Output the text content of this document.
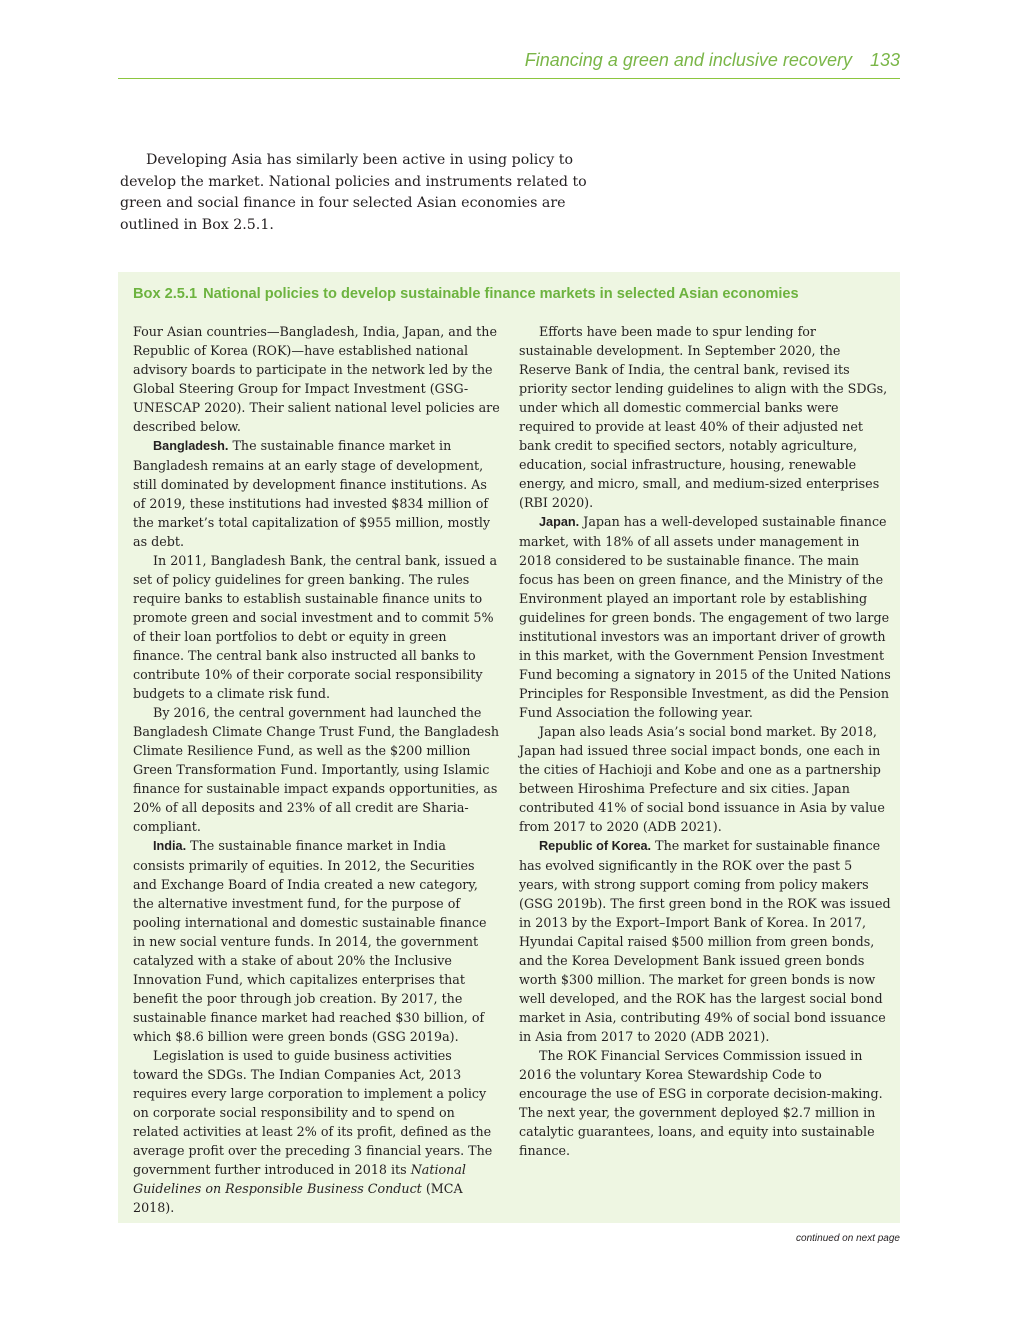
Financing a green and inclusive recovery 133

Developing Asia has similarly been active in using policy to develop the market. National policies and instruments related to green and social finance in four selected Asian economies are outlined in Box 2.5.1.

Box 2.5.1 National policies to develop sustainable finance markets in selected Asian economies

Four Asian countries—Bangladesh, India, Japan, and the Republic of Korea (ROK)—have established national advisory boards to participate in the network led by the Global Steering Group for Impact Investment (GSG-UNESCAP 2020). Their salient national level policies are described below.

Bangladesh. The sustainable finance market in Bangladesh remains at an early stage of development, still dominated by development finance institutions. As of 2019, these institutions had invested $834 million of the market’s total capitalization of $955 million, mostly as debt.

In 2011, Bangladesh Bank, the central bank, issued a set of policy guidelines for green banking. The rules require banks to establish sustainable finance units to promote green and social investment and to commit 5% of their loan portfolios to debt or equity in green finance. The central bank also instructed all banks to contribute 10% of their corporate social responsibility budgets to a climate risk fund.

By 2016, the central government had launched the Bangladesh Climate Change Trust Fund, the Bangladesh Climate Resilience Fund, as well as the $200 million Green Transformation Fund. Importantly, using Islamic finance for sustainable impact expands opportunities, as 20% of all deposits and 23% of all credit are Sharia-compliant.

India. The sustainable finance market in India consists primarily of equities. In 2012, the Securities and Exchange Board of India created a new category, the alternative investment fund, for the purpose of pooling international and domestic sustainable finance in new social venture funds. In 2014, the government catalyzed with a stake of about 20% the Inclusive Innovation Fund, which capitalizes enterprises that benefit the poor through job creation. By 2017, the sustainable finance market had reached $30 billion, of which $8.6 billion were green bonds (GSG 2019a).

Legislation is used to guide business activities toward the SDGs. The Indian Companies Act, 2013 requires every large corporation to implement a policy on corporate social responsibility and to spend on related activities at least 2% of its profit, defined as the average profit over the preceding 3 financial years. The government further introduced in 2018 its National Guidelines on Responsible Business Conduct (MCA 2018).

Efforts have been made to spur lending for sustainable development. In September 2020, the Reserve Bank of India, the central bank, revised its priority sector lending guidelines to align with the SDGs, under which all domestic commercial banks were required to provide at least 40% of their adjusted net bank credit to specified sectors, notably agriculture, education, social infrastructure, housing, renewable energy, and micro, small, and medium-sized enterprises (RBI 2020).

Japan. Japan has a well-developed sustainable finance market, with 18% of all assets under management in 2018 considered to be sustainable finance. The main focus has been on green finance, and the Ministry of the Environment played an important role by establishing guidelines for green bonds. The engagement of two large institutional investors was an important driver of growth in this market, with the Government Pension Investment Fund becoming a signatory in 2015 of the United Nations Principles for Responsible Investment, as did the Pension Fund Association the following year.

Japan also leads Asia’s social bond market. By 2018, Japan had issued three social impact bonds, one each in the cities of Hachioji and Kobe and one as a partnership between Hiroshima Prefecture and six cities. Japan contributed 41% of social bond issuance in Asia by value from 2017 to 2020 (ADB 2021).

Republic of Korea. The market for sustainable finance has evolved significantly in the ROK over the past 5 years, with strong support coming from policy makers (GSG 2019b). The first green bond in the ROK was issued in 2013 by the Export–Import Bank of Korea. In 2017, Hyundai Capital raised $500 million from green bonds, and the Korea Development Bank issued green bonds worth $300 million. The market for green bonds is now well developed, and the ROK has the largest social bond market in Asia, contributing 49% of social bond issuance in Asia from 2017 to 2020 (ADB 2021).

The ROK Financial Services Commission issued in 2016 the voluntary Korea Stewardship Code to encourage the use of ESG in corporate decision-making. The next year, the government deployed $2.7 million in catalytic guarantees, loans, and equity into sustainable finance.

continued on next page
